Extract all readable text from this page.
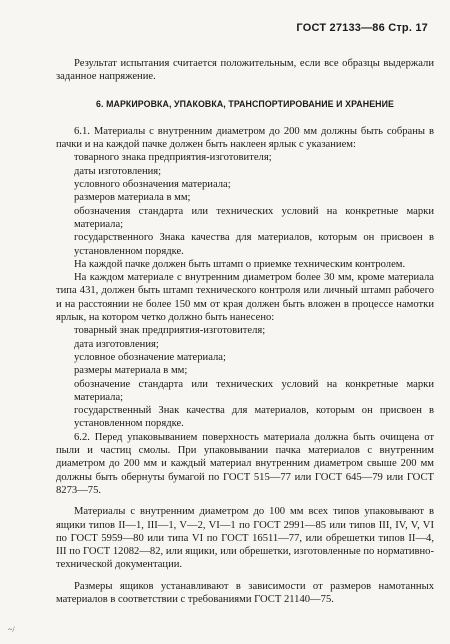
ГОСТ 27133—86 Стр. 17

Результат испытания считается положительным, если все образцы выдержали заданное напряжение.

6. МАРКИРОВКА, УПАКОВКА, ТРАНСПОРТИРОВАНИЕ И ХРАНЕНИЕ

6.1. Материалы с внутренним диаметром до 200 мм должны быть собраны в пачки и на каждой пачке должен быть наклеен ярлык с указанием:

товарного знака предприятия-изготовителя;

даты изготовления;

условного обозначения материала;

размеров материала в мм;

обозначения стандарта или технических условий на конкретные марки материала;

государственного Знака качества для материалов, которым он присвоен в установленном порядке.

На каждой пачке должен быть штамп о приемке техническим контролем.

На каждом материале с внутренним диаметром более 30 мм, кроме материала типа 431, должен быть штамп технического контроля или личный штамп рабочего и на расстоянии не более 150 мм от края должен быть вложен в процессе намотки ярлык, на котором четко должно быть нанесено:

товарный знак предприятия-изготовителя;

дата изготовления;

условное обозначение материала;

размеры материала в мм;

обозначение стандарта или технических условий на конкретные марки материала;

государственный Знак качества для материалов, которым он присвоен в установленном порядке.

6.2. Перед упаковыванием поверхность материала должна быть очищена от пыли и частиц смолы. При упаковывании пачка материалов с внутренним диаметром до 200 мм и каждый материал внутренним диаметром свыше 200 мм должны быть обернуты бумагой по ГОСТ 515—77 или ГОСТ 645—79 или ГОСТ 8273—75.

Материалы с внутренним диаметром до 100 мм всех типов упаковывают в ящики типов II—1, III—1, V—2, VI—1 по ГОСТ 2991—85 или типов III, IV, V, VI по ГОСТ 5959—80 или типа VI по ГОСТ 16511—77, или обрешетки типов II—4, III по ГОСТ 12082—82, или ящики, или обрешетки, изготовленные по нормативно-технической документации.

Размеры ящиков устанавливают в зависимости от размеров намотанных материалов в соответствии с требованиями ГОСТ 21140—75.

~/
